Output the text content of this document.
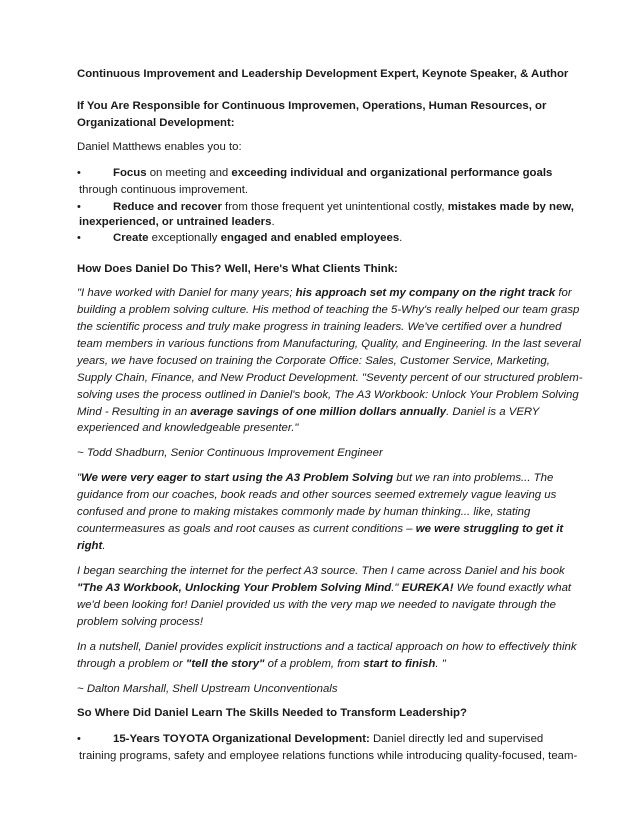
Continuous Improvement and Leadership Development Expert, Keynote Speaker, & Author

If You Are Responsible for Continuous Improvemen, Operations, Human Resources, or

Organizational Development:

Daniel Matthews enables you to:

•	Focus on meeting and exceeding individual and organizational performance goals

through continuous improvement.

•	Reduce and recover from those frequent yet unintentional costly, mistakes made by new,

inexperienced, or untrained leaders.

•	Create exceptionally engaged and enabled employees.

How Does Daniel Do This? Well, Here's What Clients Think:

"I have worked with Daniel for many years; his approach set my company on the right track for

building a problem solving culture. His method of teaching the 5-Why's really helped our team grasp

the scientific process and truly make progress in training leaders. We've certified over a hundred

team members in various functions from Manufacturing, Quality, and Engineering. In the last several

years, we have focused on training the Corporate Office: Sales, Customer Service, Marketing,

Supply Chain, Finance, and New Product Development. "Seventy percent of our structured problem-

solving uses the process outlined in Daniel's book, The A3 Workbook: Unlock Your Problem Solving

Mind - Resulting in an average savings of one million dollars annually. Daniel is a VERY

experienced and knowledgeable presenter."

~ Todd Shadburn, Senior Continuous Improvement Engineer

"We were very eager to start using the A3 Problem Solving but we ran into problems... The

guidance from our coaches, book reads and other sources seemed extremely vague leaving us

confused and prone to making mistakes commonly made by human thinking... like, stating

countermeasures as goals and root causes as current conditions – we were struggling to get it

right.

I began searching the internet for the perfect A3 source. Then I came across Daniel and his book

"The A3 Workbook, Unlocking Your Problem Solving Mind." EUREKA! We found exactly what

we'd been looking for! Daniel provided us with the very map we needed to navigate through the

problem solving process!

In a nutshell, Daniel provides explicit instructions and a tactical approach on how to effectively think

through a problem or "tell the story" of a problem, from start to finish. "

~ Dalton Marshall, Shell Upstream Unconventionals

So Where Did Daniel Learn The Skills Needed to Transform Leadership?

•	15-Years TOYOTA Organizational Development: Daniel directly led and supervised

training programs, safety and employee relations functions while introducing quality-focused, team-
